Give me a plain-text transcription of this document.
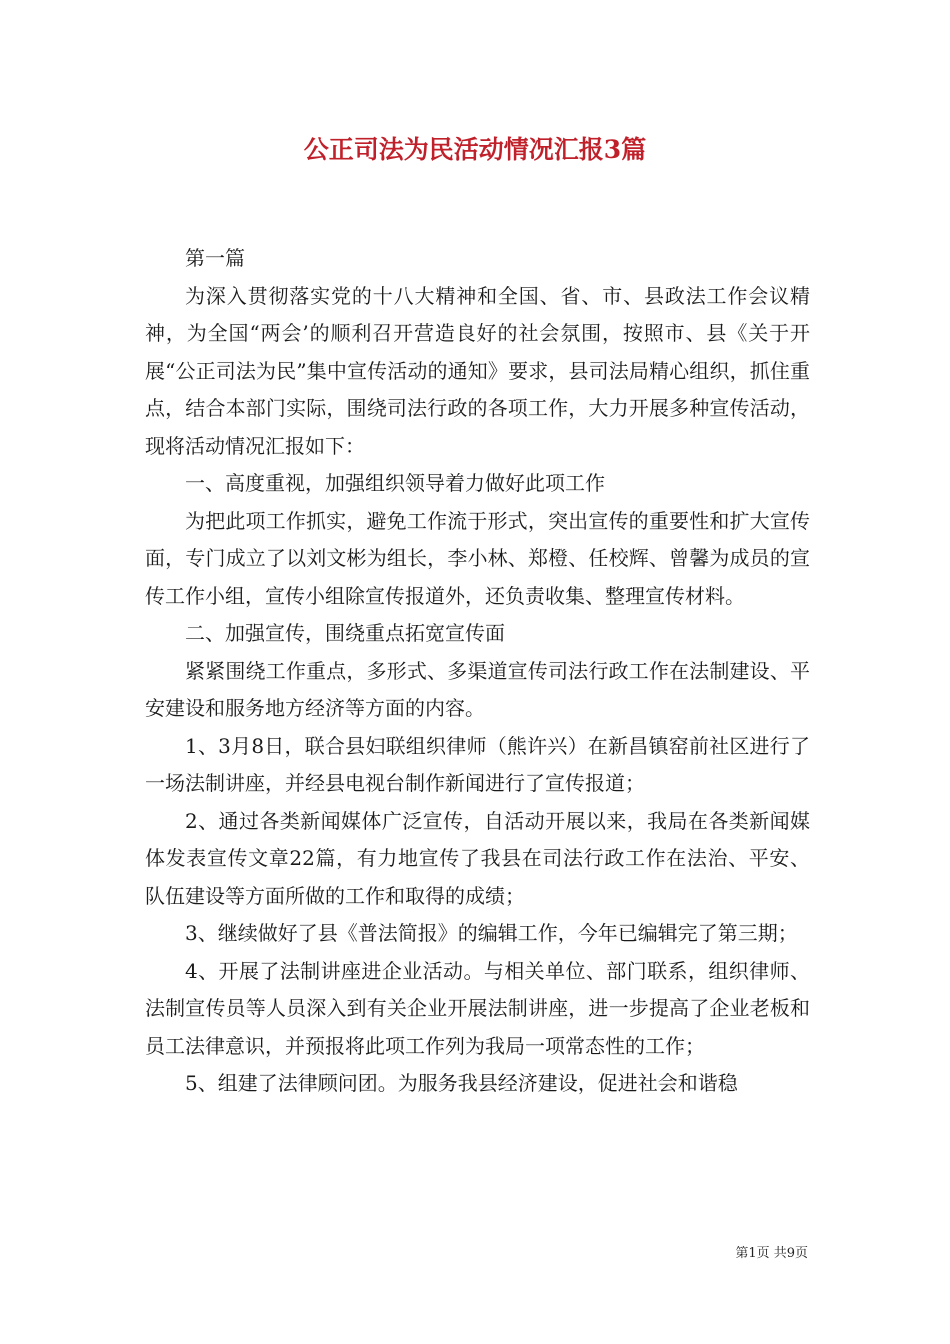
公正司法为民活动情况汇报3篇

第一篇

为深入贯彻落实党的十八大精神和全国、省、市、县政法工作会议精神，为全国“两会’的顺利召开营造良好的社会氛围，按照市、县《关于开展“公正司法为民”集中宣传活动的通知》要求，县司法局精心组织，抓住重点，结合本部门实际，围绕司法行政的各项工作，大力开展多种宣传活动，现将活动情况汇报如下：

一、高度重视，加强组织领导着力做好此项工作

为把此项工作抓实，避免工作流于形式，突出宣传的重要性和扩大宣传面，专门成立了以刘文彬为组长，李小林、郑橙、任校辉、曾馨为成员的宣传工作小组，宣传小组除宣传报道外，还负责收集、整理宣传材料。

二、加强宣传，围绕重点拓宽宣传面

紧紧围绕工作重点，多形式、多渠道宣传司法行政工作在法制建设、平安建设和服务地方经济等方面的内容。

1、3月8日，联合县妇联组织律师（熊许兴）在新昌镇窑前社区进行了一场法制讲座，并经县电视台制作新闻进行了宣传报道；

2、通过各类新闻媒体广泛宣传，自活动开展以来，我局在各类新闻媒体发表宣传文章22篇，有力地宣传了我县在司法行政工作在法治、平安、队伍建设等方面所做的工作和取得的成绩；

3、继续做好了县《普法简报》的编辑工作，今年已编辑完了第三期；

4、开展了法制讲座进企业活动。与相关单位、部门联系，组织律师、法制宣传员等人员深入到有关企业开展法制讲座，进一步提高了企业老板和员工法律意识，并预报将此项工作列为我局一项常态性的工作；

5、组建了法律顾问团。为服务我县经济建设，促进社会和谐稳

第1页 共9页
